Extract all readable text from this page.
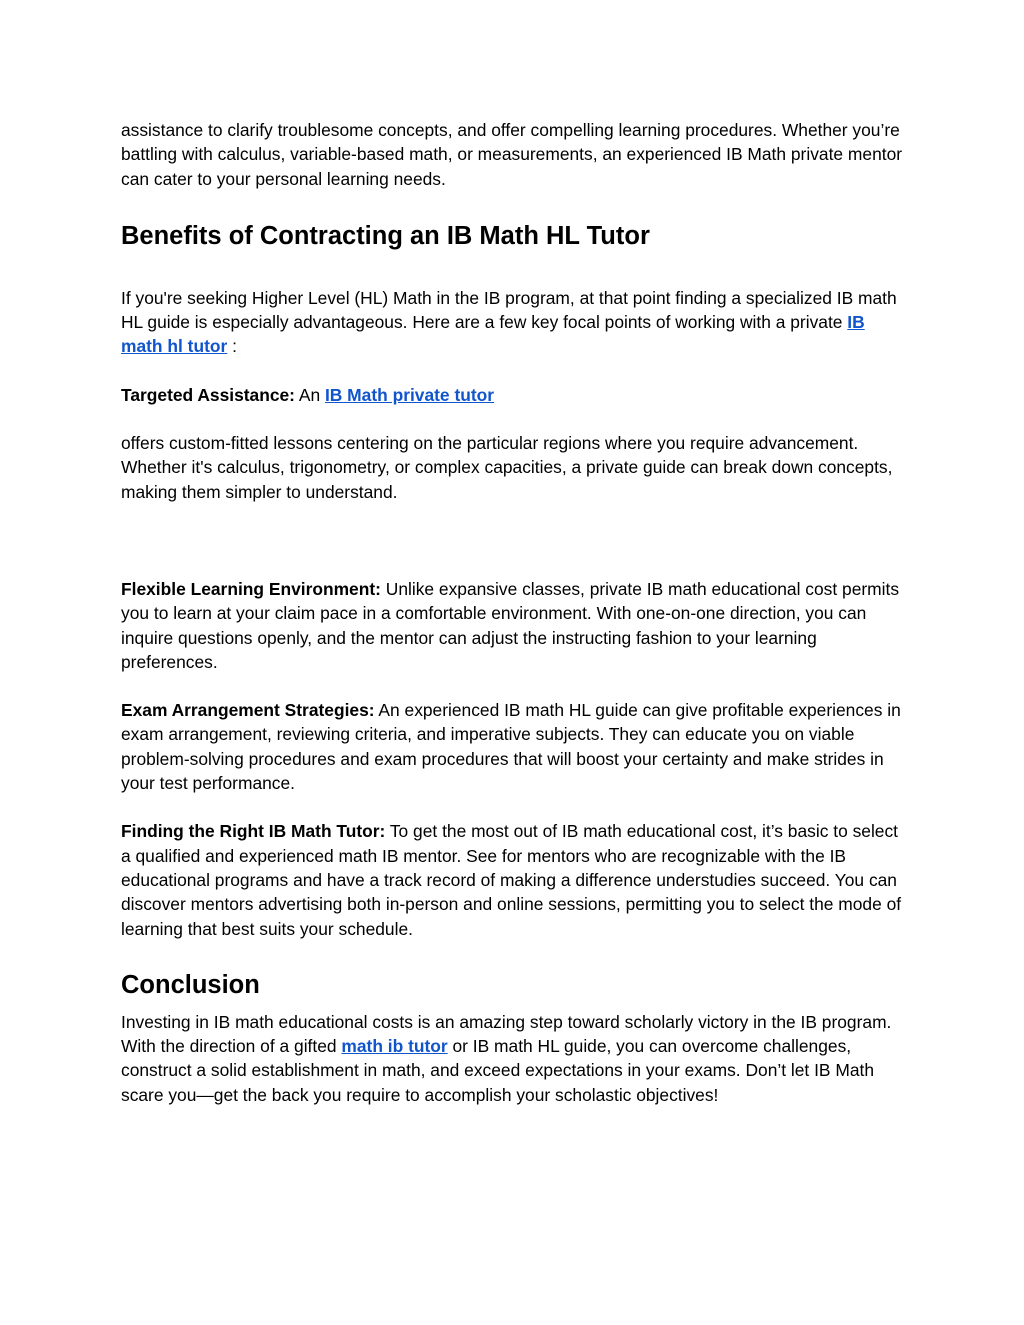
assistance to clarify troublesome concepts, and offer compelling learning procedures. Whether you’re battling with calculus, variable-based math, or measurements, an experienced IB Math private mentor can cater to your personal learning needs.

Benefits of Contracting an IB Math HL Tutor

If you're seeking Higher Level (HL) Math in the IB program, at that point finding a specialized IB math HL guide is especially advantageous. Here are a few key focal points of working with a private IB math hl tutor :

Targeted Assistance: An IB Math private tutor

offers custom-fitted lessons centering on the particular regions where you require advancement. Whether it's calculus, trigonometry, or complex capacities, a private guide can break down concepts, making them simpler to understand.

Flexible Learning Environment: Unlike expansive classes, private IB math educational cost permits you to learn at your claim pace in a comfortable environment. With one-on-one direction, you can inquire questions openly, and the mentor can adjust the instructing fashion to your learning preferences.

Exam Arrangement Strategies: An experienced IB math HL guide can give profitable experiences in exam arrangement, reviewing criteria, and imperative subjects. They can educate you on viable problem-solving procedures and exam procedures that will boost your certainty and make strides in your test performance.

Finding the Right IB Math Tutor: To get the most out of IB math educational cost, it’s basic to select a qualified and experienced math IB mentor. See for mentors who are recognizable with the IB educational programs and have a track record of making a difference understudies succeed. You can discover mentors advertising both in-person and online sessions, permitting you to select the mode of learning that best suits your schedule.

Conclusion

Investing in IB math educational costs is an amazing step toward scholarly victory in the IB program. With the direction of a gifted math ib tutor or IB math HL guide, you can overcome challenges, construct a solid establishment in math, and exceed expectations in your exams. Don’t let IB Math scare you—get the back you require to accomplish your scholastic objectives!
